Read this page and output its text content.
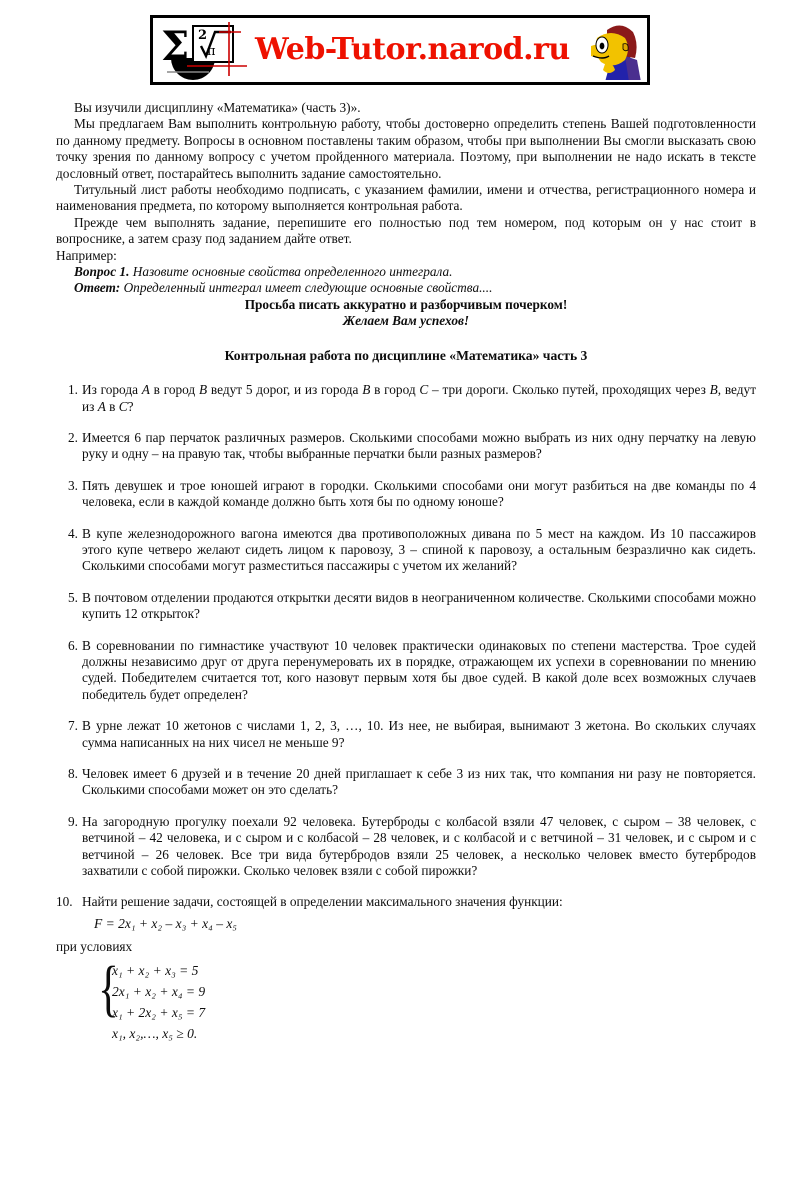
Σ 2
π Web-Tutor.narod.ru
Вы изучили дисциплину «Математика» (часть 3)».
Мы предлагаем Вам выполнить контрольную работу, чтобы достоверно определить степень Вашей подготовленности по данному предмету. Вопросы в основном поставлены таким образом, чтобы при выполнении Вы смогли высказать свою точку зрения по данному вопросу с учетом пройденного материала. Поэтому, при выполнении не надо искать в тексте дословный ответ, постарайтесь выполнить задание самостоятельно.
Титульный лист работы необходимо подписать, с указанием фамилии, имени и отчества, регистрационного номера и наименования предмета, по которому выполняется контрольная работа.
Прежде чем выполнять задание, перепишите его полностью под тем номером, под которым он у нас стоит в вопроснике, а затем сразу под заданием дайте ответ.
Например:
Вопрос 1. Назовите основные свойства определенного интеграла.
Ответ: Определенный интеграл имеет следующие основные свойства....
Просьба писать аккуратно и разборчивым почерком!
Желаем Вам успехов!
Контрольная работа по дисциплине «Математика» часть 3
1. Из города A в город B ведут 5 дорог, и из города B в город C – три дороги. Сколько путей, проходящих через B, ведут из A в C?
2. Имеется 6 пар перчаток различных размеров. Сколькими способами можно выбрать из них одну перчатку на левую руку и одну – на правую так, чтобы выбранные перчатки были разных размеров?
3. Пять девушек и трое юношей играют в городки. Сколькими способами они могут разбиться на две команды по 4 человека, если в каждой команде должно быть хотя бы по одному юноше?
4. В купе железнодорожного вагона имеются два противоположных дивана по 5 мест на каждом. Из 10 пассажиров этого купе четверо желают сидеть лицом к паровозу, 3 – спиной к паровозу, а остальным безразлично как сидеть. Сколькими способами могут разместиться пассажиры с учетом их желаний?
5. В почтовом отделении продаются открытки десяти видов в неограниченном количестве. Сколькими способами можно купить 12 открыток?
6. В соревновании по гимнастике участвуют 10 человек практически одинаковых по степени мастерства. Трое судей должны независимо друг от друга перенумеровать их в порядке, отражающем их успехи в соревновании по мнению судей. Победителем считается тот, кого назовут первым хотя бы двое судей. В какой доле всех возможных случаев победитель будет определен?
7. В урне лежат 10 жетонов с числами 1, 2, 3, …, 10. Из нее, не выбирая, вынимают 3 жетона. Во скольких случаях сумма написанных на них чисел не меньше 9?
8. Человек имеет 6 друзей и в течение 20 дней приглашает к себе 3 из них так, что компания ни разу не повторяется. Сколькими способами может он это сделать?
9. На загородную прогулку поехали 92 человека. Бутерброды с колбасой взяли 47 человек, с сыром – 38 человек, с ветчиной – 42 человека, и с сыром и с колбасой – 28 человек, и с колбасой и с ветчиной – 31 человек, и с сыром и с ветчиной – 26 человек. Все три вида бутербродов взяли 25 человек, а несколько человек вместо бутербродов захватили с собой пирожки. Сколько человек взяли с собой пирожки?
10. Найти решение задачи, состоящей в определении максимального значения функции:
F = 2x₁ + x₂ – x₃ + x₄ – x₅
при условиях
{
x₁ + x₂ + x₃ = 5
2x₁ + x₂ + x₄ = 9
x₁ + 2x₂ + x₅ = 7
x₁, x₂,…, x₅ ≥ 0.
